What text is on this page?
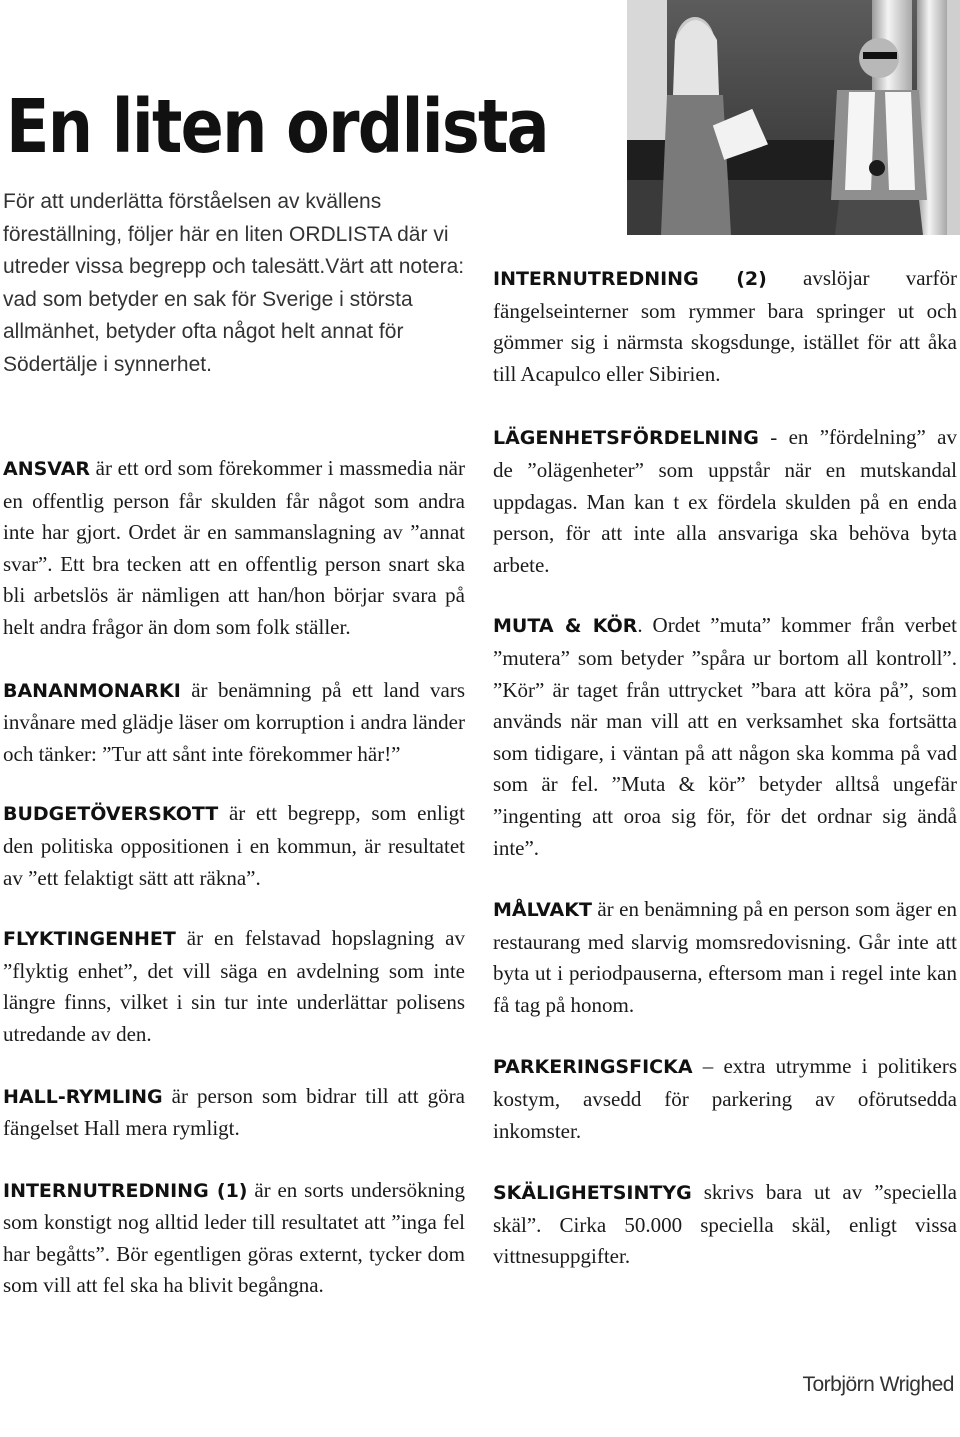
En liten ordlista
För att underlätta förståelsen av kvällens föreställning, följer här en liten ORDLISTA där vi utreder vissa begrepp och talesätt.Värt att notera: vad som betyder en sak för Sverige i största allmänhet, betyder ofta något helt annat för Södertälje i synnerhet.

ANSVAR är ett ord som förekommer i massmedia när en offentlig person får skulden får något som andra inte har gjort. Ordet är en sammanslagning av ”annat svar”. Ett bra tecken att en offentlig person snart ska bli arbetslös är nämligen att han/hon börjar svara på helt andra frågor än dom som folk ställer.

BANANMONARKI är benämning på ett land vars invånare med glädje läser om korruption i andra länder och tänker: ”Tur att sånt inte förekommer här!”

BUDGETÖVERSKOTT är ett begrepp, som enligt den politiska oppositionen i en kommun, är resultatet av ”ett felaktigt sätt att räkna”.

FLYKTINGENHET är en felstavad hopslagning av ”flyktig enhet”, det vill säga en avdelning som inte längre finns, vilket i sin tur inte underlättar polisens utredande av den.

HALL-RYMLING är person som bidrar till att göra fängelset Hall mera rymligt.

INTERNUTREDNING (1) är en sorts undersökning som konstigt nog alltid leder till resultatet att ”inga fel har begåtts”. Bör egentligen göras externt, tycker dom som vill att fel ska ha blivit begångna.

INTERNUTREDNING (2) avslöjar varför fängelseinterner som rymmer bara springer ut och gömmer sig i närmsta skogsdunge, istället för att åka till Acapulco eller Sibirien.

LÄGENHETSFÖRDELNING - en ”fördelning” av de ”olägenheter” som uppstår när en mutskandal uppdagas. Man kan t ex fördela skulden på en enda person, för att inte alla ansvariga ska behöva byta arbete.

MUTA & KÖR. Ordet ”muta” kommer från verbet ”mutera” som betyder ”spåra ur bortom all kontroll”. ”Kör” är taget från uttrycket ”bara att köra på”, som används när man vill att en verksamhet ska fortsätta som tidigare, i väntan på att någon ska komma på vad som är fel. ”Muta & kör” betyder alltså ungefär ”ingenting att oroa sig för, för det ordnar sig ändå inte”.

MÅLVAKT är en benämning på en person som äger en restaurang med slarvig momsredovisning. Går inte att byta ut i periodpauserna, eftersom man i regel inte kan få tag på honom.

PARKERINGSFICKA – extra utrymme i politikers kostym, avsedd för parkering av oförutsedda inkomster.

SKÄLIGHETSINTYG skrivs bara ut av ”speciella skäl”. Cirka 50.000 speciella skäl, enligt vissa vittnesuppgifter.

Torbjörn Wrighed
